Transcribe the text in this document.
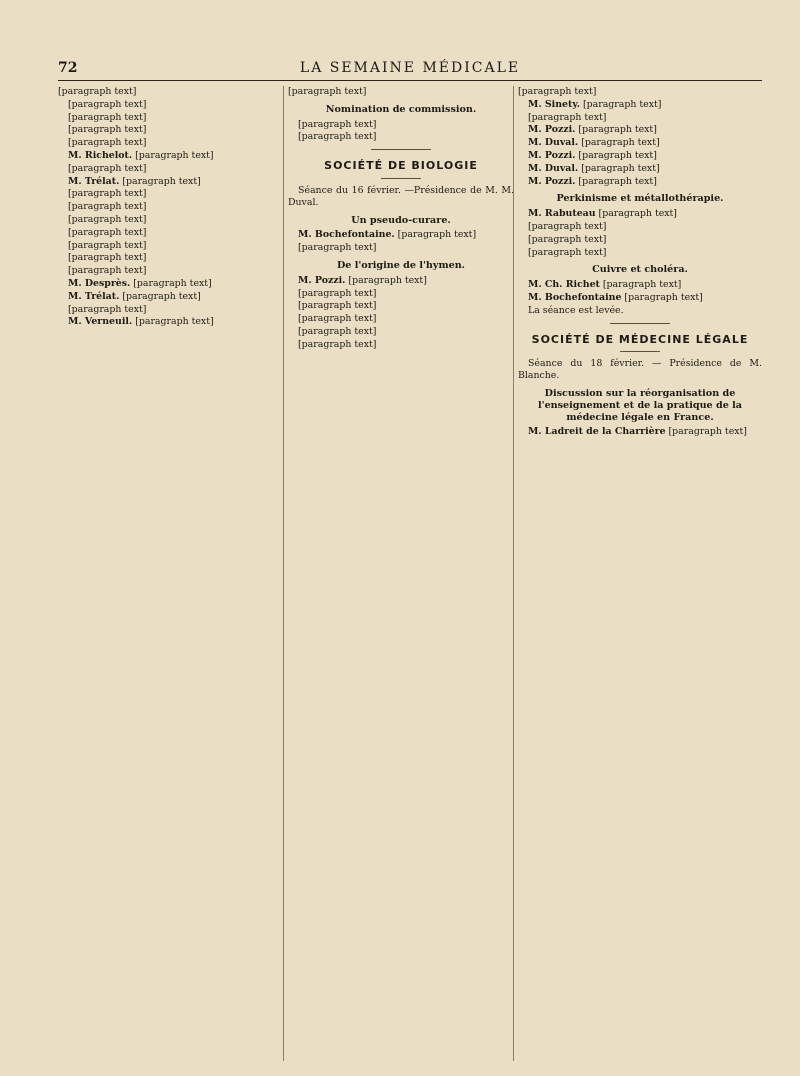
72	LA SEMAINE MÉDICALE

[paragraph text]

[paragraph text]

[paragraph text]

[paragraph text]

[paragraph text]

M. Richelot. [paragraph text]

[paragraph text]

M. Trélat. [paragraph text]

[paragraph text]

[paragraph text]

[paragraph text]

[paragraph text]

[paragraph text]

[paragraph text]

[paragraph text]

M. Desprès. [paragraph text]

M. Trélat. [paragraph text]

[paragraph text]

M. Verneuil. [paragraph text]

[paragraph text]

Nomination de commission.

[paragraph text]

[paragraph text]

SOCIÉTÉ DE BIOLOGIE

Séance du 16 février. —Présidence de M. M. Duval.

Un pseudo-curare.

M. Bochefontaine. [paragraph text]

[paragraph text]

De l'origine de l'hymen.

M. Pozzi. [paragraph text]

[paragraph text]

[paragraph text]

[paragraph text]

[paragraph text]

[paragraph text]

[paragraph text]

M. Sinety. [paragraph text]

[paragraph text]

M. Pozzi. [paragraph text]

M. Duval. [paragraph text]

M. Pozzi. [paragraph text]

M. Duval. [paragraph text]

M. Pozzi. [paragraph text]

Perkinisme et métallothérapie.

M. Rabuteau [paragraph text]

[paragraph text]

[paragraph text]

[paragraph text]

Cuivre et choléra.

M. Ch. Richet [paragraph text]

M. Bochefontaine [paragraph text]

La séance est levée.

SOCIÉTÉ DE MÉDECINE LÉGALE

Séance du 18 février. — Présidence de M. Blanche.

Discussion sur la réorganisation de l'enseignement et de la pratique de la médecine légale en France.

M. Ladreit de la Charrière [paragraph text]
